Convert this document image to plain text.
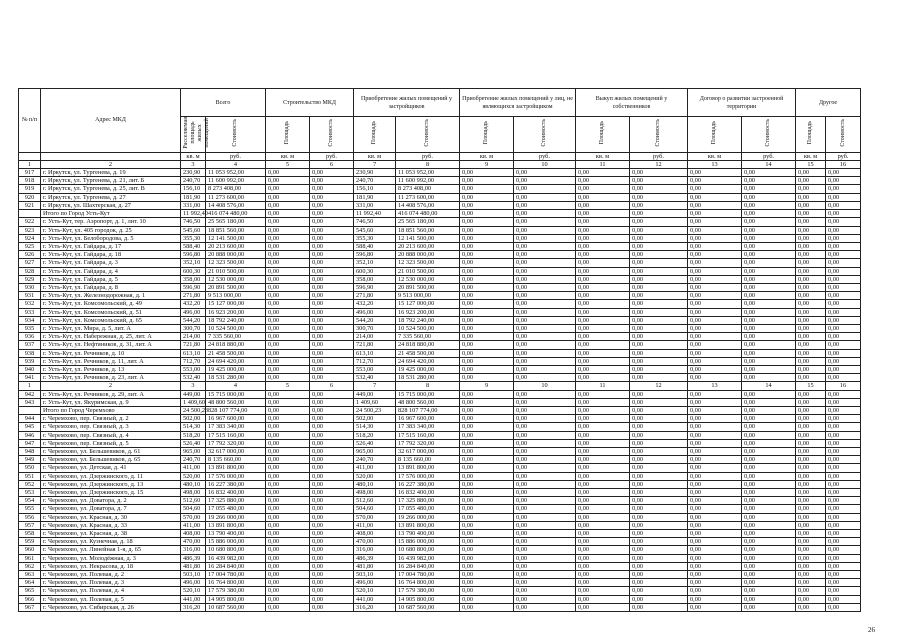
№ п/п	Адрес МКД	Всего		Строительство МКД		Приобретение жилых помещений у застройщиков		Приобретение жилых помещений у лиц, не являющихся застройщиком		Выкуп жилых помещений у собственников		Договор о развитии застроенной территории		Другое	
		Расселяемая площадь жилых помещений	Стоимость	Площадь	Стоимость	Площадь	Стоимость	Площадь	Стоимость	Площадь	Стоимость	Площадь	Стоимость	Площадь	Стоимость
		кв. м	руб.	кв. м	руб.	кв. м	руб.	кв. м	руб.	кв. м	руб.	кв. м	руб.	кв. м	руб.
1	2	3	4	5	6	7	8	9	10	11	12	13	14	15	16
917	г. Иркутск, ул. Тургенева, д. 19	230,90	11 053 952,00	0,00	0,00	230,90	11 053 952,00	0,00	0,00	0,00	0,00	0,00	0,00	0,00	0,00
918	г. Иркутск, ул. Тургенева, д. 21, лит. Б	240,70	11 600 992,00	0,00	0,00	240,70	11 600 992,00	0,00	0,00	0,00	0,00	0,00	0,00	0,00	0,00
919	г. Иркутск, ул. Тургенева, д. 25, лит. В	156,10	8 273 408,00	0,00	0,00	156,10	8 273 408,00	0,00	0,00	0,00	0,00	0,00	0,00	0,00	0,00
920	г. Иркутск, ул. Тургенева, д. 27	181,90	11 273 600,00	0,00	0,00	181,90	11 273 600,00	0,00	0,00	0,00	0,00	0,00	0,00	0,00	0,00
921	г. Иркутск, ул. Шахтерская, д. 27	331,00	14 408 576,00	0,00	0,00	331,00	14 408 576,00	0,00	0,00	0,00	0,00	0,00	0,00	0,00	0,00
	Итого по Город Усть-Кут	11 992,40	416 074 480,00	0,00	0,00	11 992,40	416 074 480,00	0,00	0,00	0,00	0,00	0,00	0,00	0,00	0,00
922	г. Усть-Кут, тер. Аэропорт, д. 1, лит. 10	746,50	25 565 180,00	0,00	0,00	746,50	25 565 180,00	0,00	0,00	0,00	0,00	0,00	0,00	0,00	0,00
923	г. Усть-Кут, ул. 405 городок, д. 25	545,60	18 851 560,00	0,00	0,00	545,60	18 851 560,00	0,00	0,00	0,00	0,00	0,00	0,00	0,00	0,00
924	г. Усть-Кут, ул. Белобородова, д. 5	355,30	12 141 500,00	0,00	0,00	355,30	12 141 500,00	0,00	0,00	0,00	0,00	0,00	0,00	0,00	0,00
925	г. Усть-Кут, ул. Гайдара, д. 17	588,40	20 213 600,00	0,00	0,00	588,40	20 213 600,00	0,00	0,00	0,00	0,00	0,00	0,00	0,00	0,00
926	г. Усть-Кут, ул. Гайдара, д. 18	596,80	20 888 000,00	0,00	0,00	596,80	20 888 000,00	0,00	0,00	0,00	0,00	0,00	0,00	0,00	0,00
927	г. Усть-Кут, ул. Гайдара, д. 3	352,10	12 323 500,00	0,00	0,00	352,10	12 323 500,00	0,00	0,00	0,00	0,00	0,00	0,00	0,00	0,00
928	г. Усть-Кут, ул. Гайдара, д. 4	600,30	21 010 500,00	0,00	0,00	600,30	21 010 500,00	0,00	0,00	0,00	0,00	0,00	0,00	0,00	0,00
929	г. Усть-Кут, ул. Гайдара, д. 5	358,00	12 530 000,00	0,00	0,00	358,00	12 530 000,00	0,00	0,00	0,00	0,00	0,00	0,00	0,00	0,00
930	г. Усть-Кут, ул. Гайдара, д. 8	596,90	20 891 500,00	0,00	0,00	596,90	20 891 500,00	0,00	0,00	0,00	0,00	0,00	0,00	0,00	0,00
931	г. Усть-Кут, ул. Железнодорожная, д. 1	271,80	9 513 000,00	0,00	0,00	271,80	9 513 000,00	0,00	0,00	0,00	0,00	0,00	0,00	0,00	0,00
932	г. Усть-Кут, ул. Комсомольский, д. 49	432,20	15 127 000,00	0,00	0,00	432,20	15 127 000,00	0,00	0,00	0,00	0,00	0,00	0,00	0,00	0,00
933	г. Усть-Кут, ул. Комсомольский, д. 51	496,00	16 923 200,00	0,00	0,00	496,00	16 923 200,00	0,00	0,00	0,00	0,00	0,00	0,00	0,00	0,00
934	г. Усть-Кут, ул. Комсомольский, д. 65	544,20	18 792 240,00	0,00	0,00	544,20	18 792 240,00	0,00	0,00	0,00	0,00	0,00	0,00	0,00	0,00
935	г. Усть-Кут, ул. Мира, д. 5, лит. А	300,70	10 524 500,00	0,00	0,00	300,70	10 524 500,00	0,00	0,00	0,00	0,00	0,00	0,00	0,00	0,00
936	г. Усть-Кут, ул. Набережная, д. 25, лит. А	214,00	7 335 560,00	0,00	0,00	214,00	7 335 560,00	0,00	0,00	0,00	0,00	0,00	0,00	0,00	0,00
937	г. Усть-Кут, ул. Нефтяников, д. 31, лит. А	721,80	24 818 880,00	0,00	0,00	721,80	24 818 880,00	0,00	0,00	0,00	0,00	0,00	0,00	0,00	0,00
938	г. Усть-Кут, ул. Речников, д. 10	613,10	21 458 500,00	0,00	0,00	613,10	21 458 500,00	0,00	0,00	0,00	0,00	0,00	0,00	0,00	0,00
939	г. Усть-Кут, ул. Речников, д. 11, лит. А	712,70	24 694 420,00	0,00	0,00	712,70	24 694 420,00	0,00	0,00	0,00	0,00	0,00	0,00	0,00	0,00
940	г. Усть-Кут, ул. Речников, д. 13	553,00	19 425 000,00	0,00	0,00	553,00	19 425 000,00	0,00	0,00	0,00	0,00	0,00	0,00	0,00	0,00
941	г. Усть-Кут, ул. Речников, д. 23, лит. А	532,40	18 531 280,00	0,00	0,00	532,40	18 531 280,00	0,00	0,00	0,00	0,00	0,00	0,00	0,00	0,00
1	2	3	4	5	6	7	8	9	10	11	12	13	14	15	16
942	г. Усть-Кут, ул. Речников, д. 29, лит. А	449,00	15 715 000,00	0,00	0,00	449,00	15 715 000,00	0,00	0,00	0,00	0,00	0,00	0,00	0,00	0,00
943	г. Усть-Кут, ул. Якуримская, д. 9	1 409,60	48 800 560,00	0,00	0,00	1 409,60	48 800 560,00	0,00	0,00	0,00	0,00	0,00	0,00	0,00	0,00
	Итого по Город Черемхово	24 500,23	828 107 774,00	0,00	0,00	24 500,23	828 107 774,00	0,00	0,00	0,00	0,00	0,00	0,00	0,00	0,00
944	г. Черемхово, пер. Связный, д. 2	502,00	16 967 600,00	0,00	0,00	502,00	16 967 600,00	0,00	0,00	0,00	0,00	0,00	0,00	0,00	0,00
945	г. Черемхово, пер. Связный, д. 3	514,30	17 383 340,00	0,00	0,00	514,30	17 383 340,00	0,00	0,00	0,00	0,00	0,00	0,00	0,00	0,00
946	г. Черемхово, пер. Связный, д. 4	518,20	17 515 160,00	0,00	0,00	518,20	17 515 160,00	0,00	0,00	0,00	0,00	0,00	0,00	0,00	0,00
947	г. Черемхово, пер. Связный, д. 5	526,40	17 792 320,00	0,00	0,00	526,40	17 792 320,00	0,00	0,00	0,00	0,00	0,00	0,00	0,00	0,00
948	г. Черемхово, ул. Бельшевиков, д. 61	965,00	32 617 000,00	0,00	0,00	965,00	32 617 000,00	0,00	0,00	0,00	0,00	0,00	0,00	0,00	0,00
949	г. Черемхово, ул. Бельшевиков, д. 65	240,70	8 135 660,00	0,00	0,00	240,70	8 135 660,00	0,00	0,00	0,00	0,00	0,00	0,00	0,00	0,00
950	г. Черемхово, ул. Детская, д. 41	411,00	13 891 800,00	0,00	0,00	411,00	13 891 800,00	0,00	0,00	0,00	0,00	0,00	0,00	0,00	0,00
951	г. Черемхово, ул. Дзержинского, д. 11	520,00	17 576 000,00	0,00	0,00	520,00	17 576 000,00	0,00	0,00	0,00	0,00	0,00	0,00	0,00	0,00
952	г. Черемхово, ул. Дзержинского, д. 13	480,10	16 227 380,00	0,00	0,00	480,10	16 227 380,00	0,00	0,00	0,00	0,00	0,00	0,00	0,00	0,00
953	г. Черемхово, ул. Дзержинского, д. 15	498,00	16 832 400,00	0,00	0,00	498,00	16 832 400,00	0,00	0,00	0,00	0,00	0,00	0,00	0,00	0,00
954	г. Черемхово, ул. Доватора, д. 2	512,60	17 325 880,00	0,00	0,00	512,60	17 325 880,00	0,00	0,00	0,00	0,00	0,00	0,00	0,00	0,00
955	г. Черемхово, ул. Доватора, д. 7	504,60	17 055 480,00	0,00	0,00	504,60	17 055 480,00	0,00	0,00	0,00	0,00	0,00	0,00	0,00	0,00
956	г. Черемхово, ул. Красная, д. 30	570,00	19 266 000,00	0,00	0,00	570,00	19 266 000,00	0,00	0,00	0,00	0,00	0,00	0,00	0,00	0,00
957	г. Черемхово, ул. Красная, д. 33	411,00	13 891 800,00	0,00	0,00	411,00	13 891 800,00	0,00	0,00	0,00	0,00	0,00	0,00	0,00	0,00
958	г. Черемхово, ул. Красная, д. 38	408,00	13 790 400,00	0,00	0,00	408,00	13 790 400,00	0,00	0,00	0,00	0,00	0,00	0,00	0,00	0,00
959	г. Черемхово, ул. Кузнечная, д. 18	470,00	15 886 000,00	0,00	0,00	470,00	15 886 000,00	0,00	0,00	0,00	0,00	0,00	0,00	0,00	0,00
960	г. Черемхово, ул. Линейная 1-я, д. 65	316,00	10 680 800,00	0,00	0,00	316,00	10 680 800,00	0,00	0,00	0,00	0,00	0,00	0,00	0,00	0,00
961	г. Черемхово, ул. Молодёжная, д. 3	486,39	16 439 982,00	0,00	0,00	486,39	16 439 982,00	0,00	0,00	0,00	0,00	0,00	0,00	0,00	0,00
962	г. Черемхово, ул. Некрасова, д. 18	481,80	16 284 840,00	0,00	0,00	481,80	16 284 840,00	0,00	0,00	0,00	0,00	0,00	0,00	0,00	0,00
963	г. Черемхово, ул. Полевая, д. 2	503,10	17 004 780,00	0,00	0,00	503,10	17 004 780,00	0,00	0,00	0,00	0,00	0,00	0,00	0,00	0,00
964	г. Черемхово, ул. Полевая, д. 3	496,00	16 764 800,00	0,00	0,00	496,00	16 764 800,00	0,00	0,00	0,00	0,00	0,00	0,00	0,00	0,00
965	г. Черемхово, ул. Полевая, д. 4	520,10	17 579 380,00	0,00	0,00	520,10	17 579 380,00	0,00	0,00	0,00	0,00	0,00	0,00	0,00	0,00
966	г. Черемхово, ул. Полевая, д. 5	441,00	14 905 800,00	0,00	0,00	441,00	14 905 800,00	0,00	0,00	0,00	0,00	0,00	0,00	0,00	0,00
967	г. Черемхово, ул. Сибирская, д. 26	316,20	10 687 560,00	0,00	0,00	316,20	10 687 560,00	0,00	0,00	0,00	0,00	0,00	0,00	0,00	0,00
26
